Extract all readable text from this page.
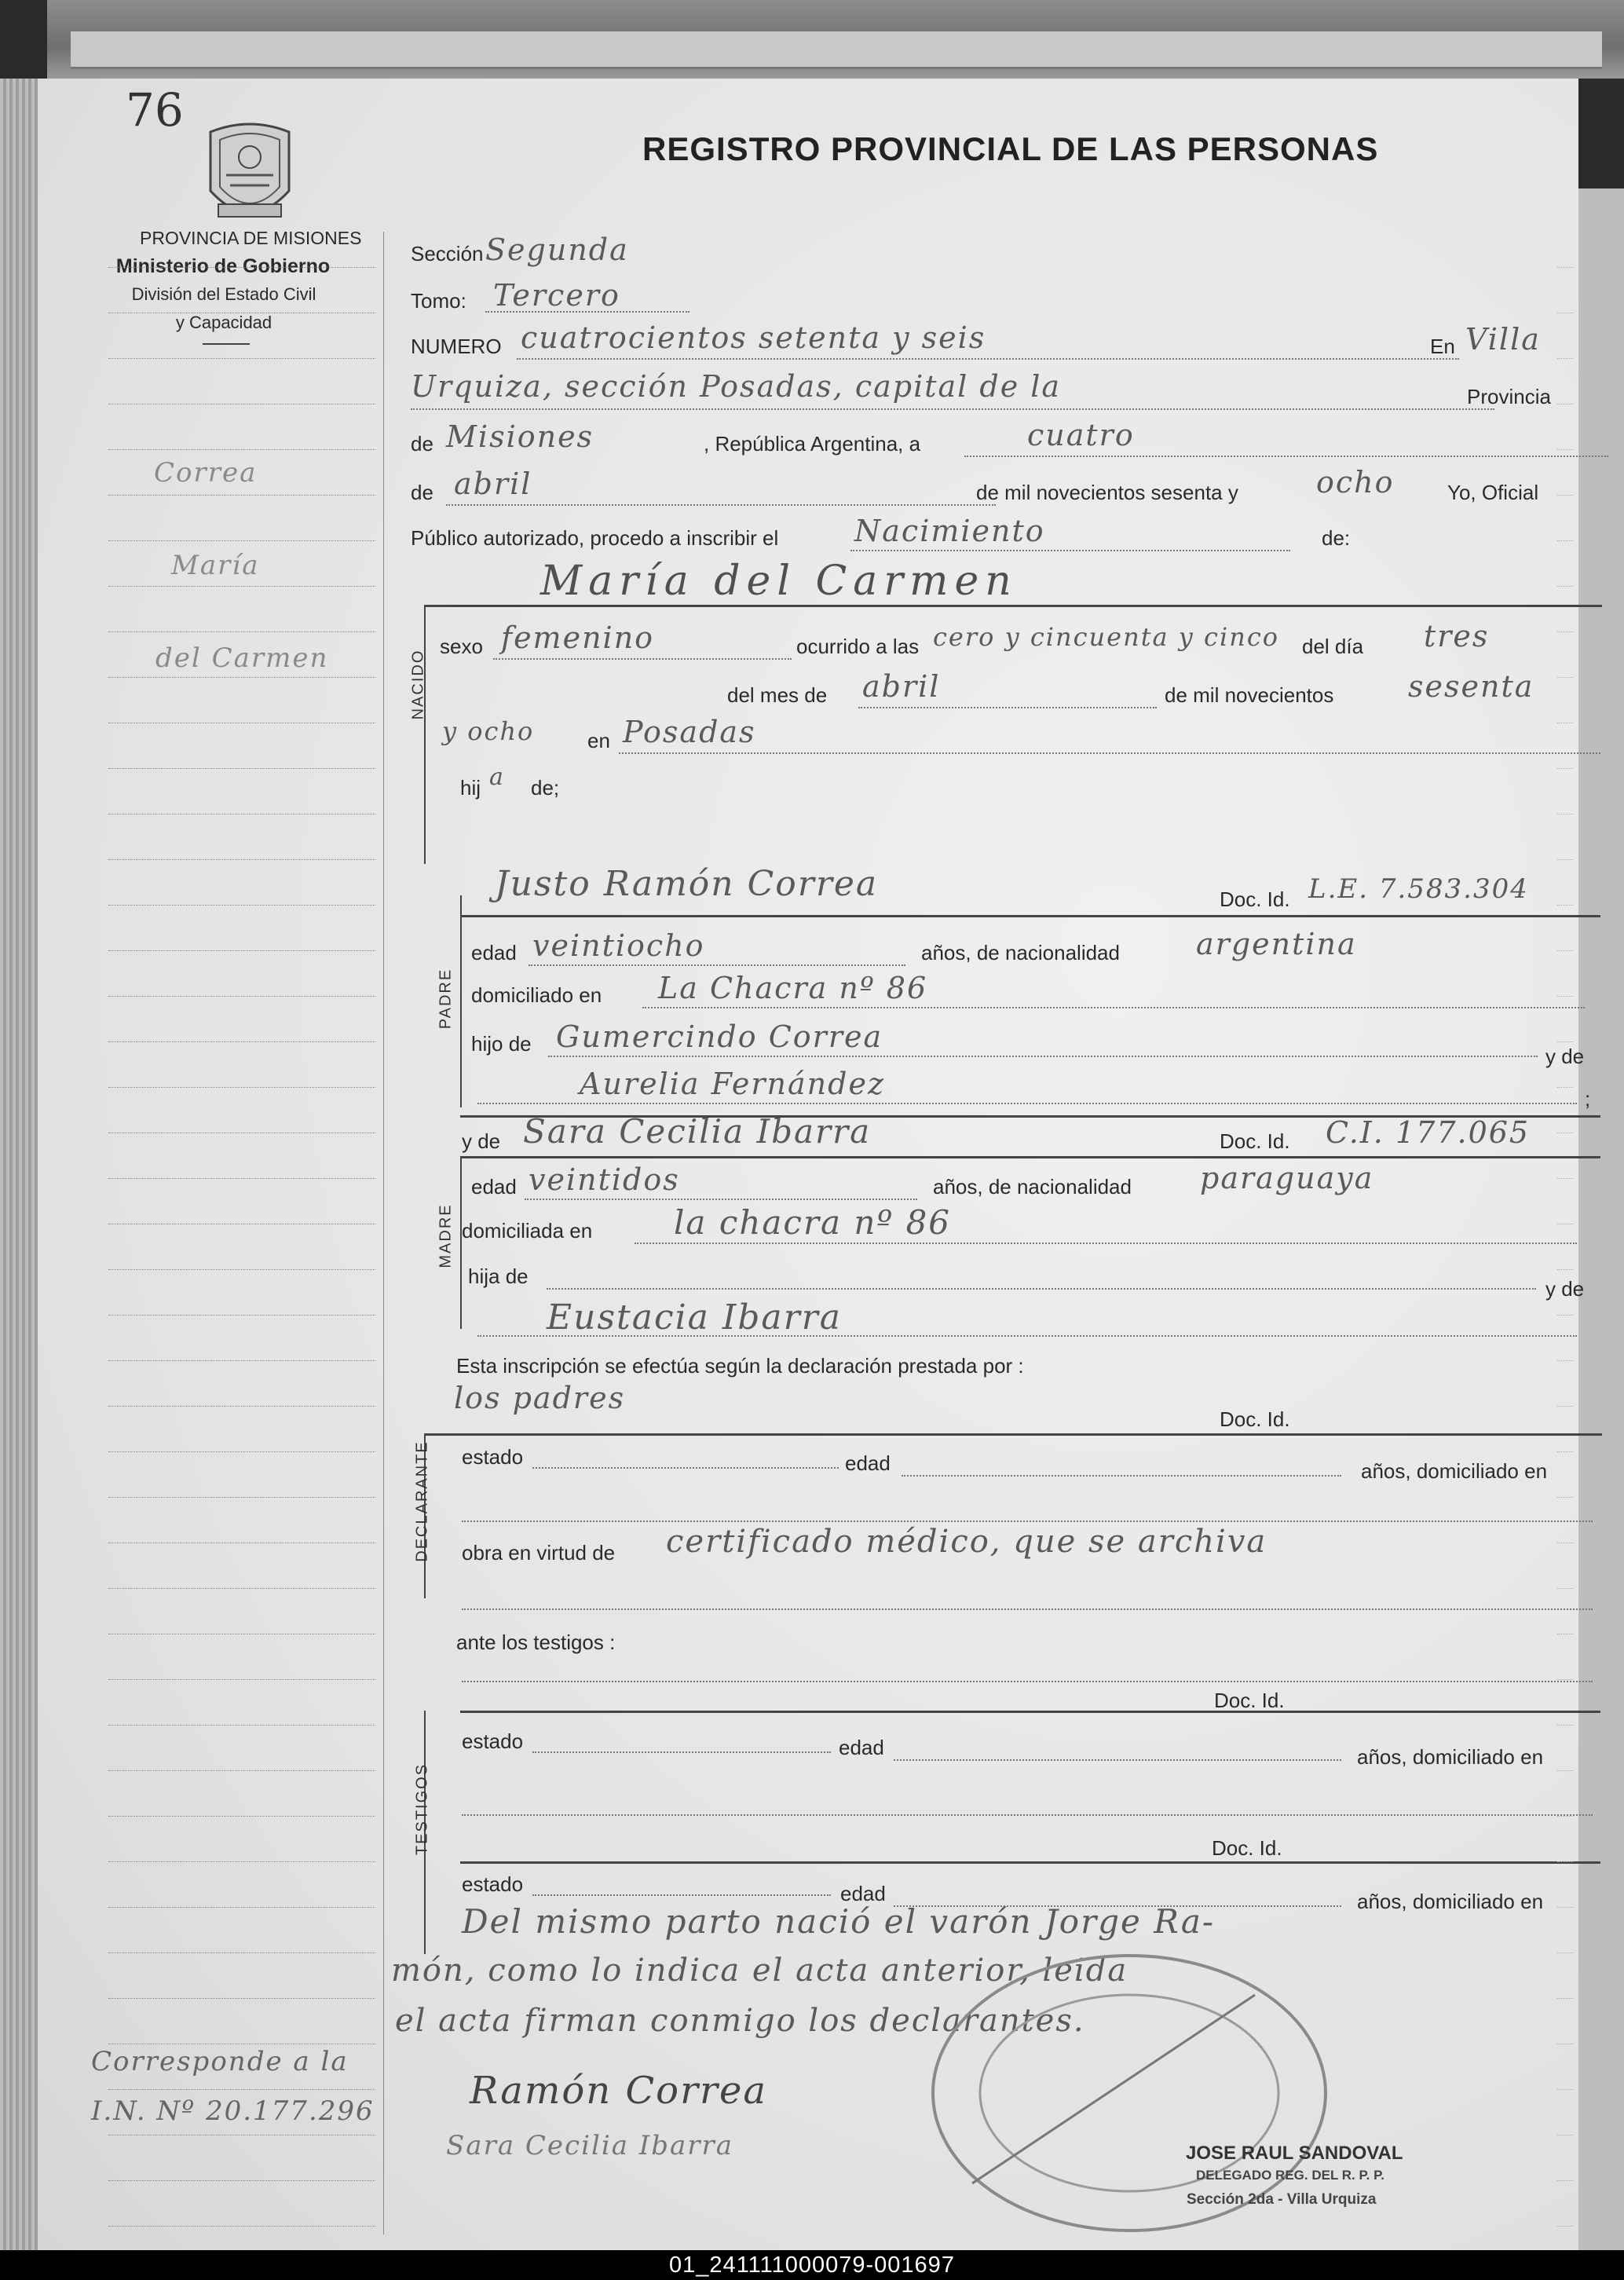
76
PROVINCIA DE MISIONES
Ministerio de Gobierno
División del Estado Civil
y Capacidad
REGISTRO PROVINCIAL DE LAS PERSONAS
Correa
María
del Carmen
Corresponde a la
I.N. Nº 20.177.296
Sección Segunda
Tomo: Tercero
NUMERO cuatrocientos setenta y seis	En Villa
Urquiza, sección Posadas, capital de la	Provincia
de Misiones	, República Argentina, a	cuatro
de abril	de mil novecientos sesenta y	ocho	Yo, Oficial
Público autorizado, procedo a inscribir el	Nacimiento	de:
NACIDO
María del Carmen
sexo femenino	ocurrido a las cero y cincuenta y cinco del día tres
del mes de abril	de mil novecientos sesenta
y ocho	en Posadas
hij a de;
Justo Ramón Correa	Doc. Id. L.E. 7.583.304
PADRE
edad veintiocho	años, de nacionalidad	argentina
domiciliado en La Chacra nº 86
hijo de Gumercindo Correa
y de
Aurelia Fernández	;
y de Sara Cecilia Ibarra	Doc. Id. C.I. 177.065
MADRE
edad veintidos	años, de nacionalidad paraguaya
domiciliada en la chacra nº 86
hija de
y de
Eustacia Ibarra
Esta inscripción se efectúa según la declaración prestada por :
los padres
Doc. Id.
DECLARANTE estado	edad	años, domiciliado en
obra en virtud de certificado médico, que se archiva
ante los testigos :
Doc. Id.
TESTIGOS
estado	edad	años, domiciliado en
Doc. Id.
estado	edad	años, domiciliado en
Del mismo parto nació el varón Jorge Ra-
món, como lo indica el acta anterior, leida
el acta firman conmigo los declarantes.
Ramón Correa
Sara Cecilia Ibarra	JOSE RAUL SANDOVAL
DELEGADO REG. DEL R. P. P.
Sección 2da - Villa Urquiza
01_241111000079-001697
